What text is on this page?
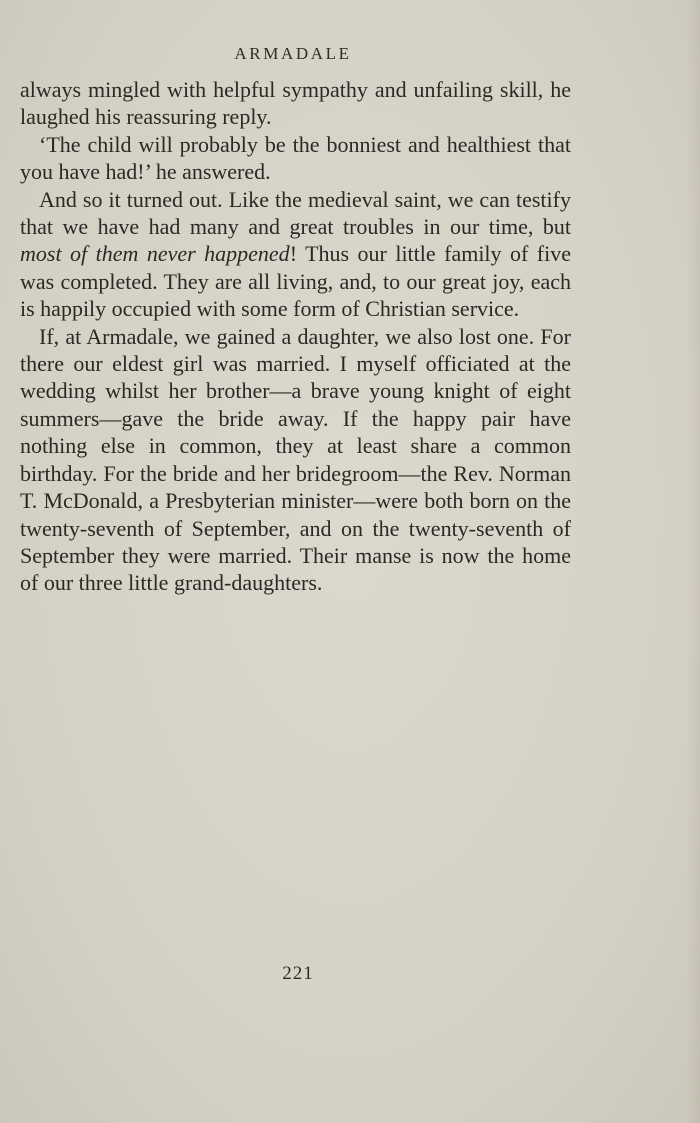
ARMADALE

always mingled with helpful sympathy and unfailing skill, he laughed his reassuring reply.

‘The child will probably be the bonniest and healthiest that you have had!’ he answered.

And so it turned out. Like the medieval saint, we can testify that we have had many and great troubles in our time, but most of them never happened! Thus our little family of five was completed. They are all living, and, to our great joy, each is happily occupied with some form of Christian service.

If, at Armadale, we gained a daughter, we also lost one. For there our eldest girl was married. I myself officiated at the wedding whilst her brother—a brave young knight of eight summers—gave the bride away. If the happy pair have nothing else in common, they at least share a common birthday. For the bride and her bridegroom—the Rev. Norman T. McDonald, a Presbyterian minister—were both born on the twenty-seventh of September, and on the twenty-seventh of September they were married. Their manse is now the home of our three little grand-daughters.

221
